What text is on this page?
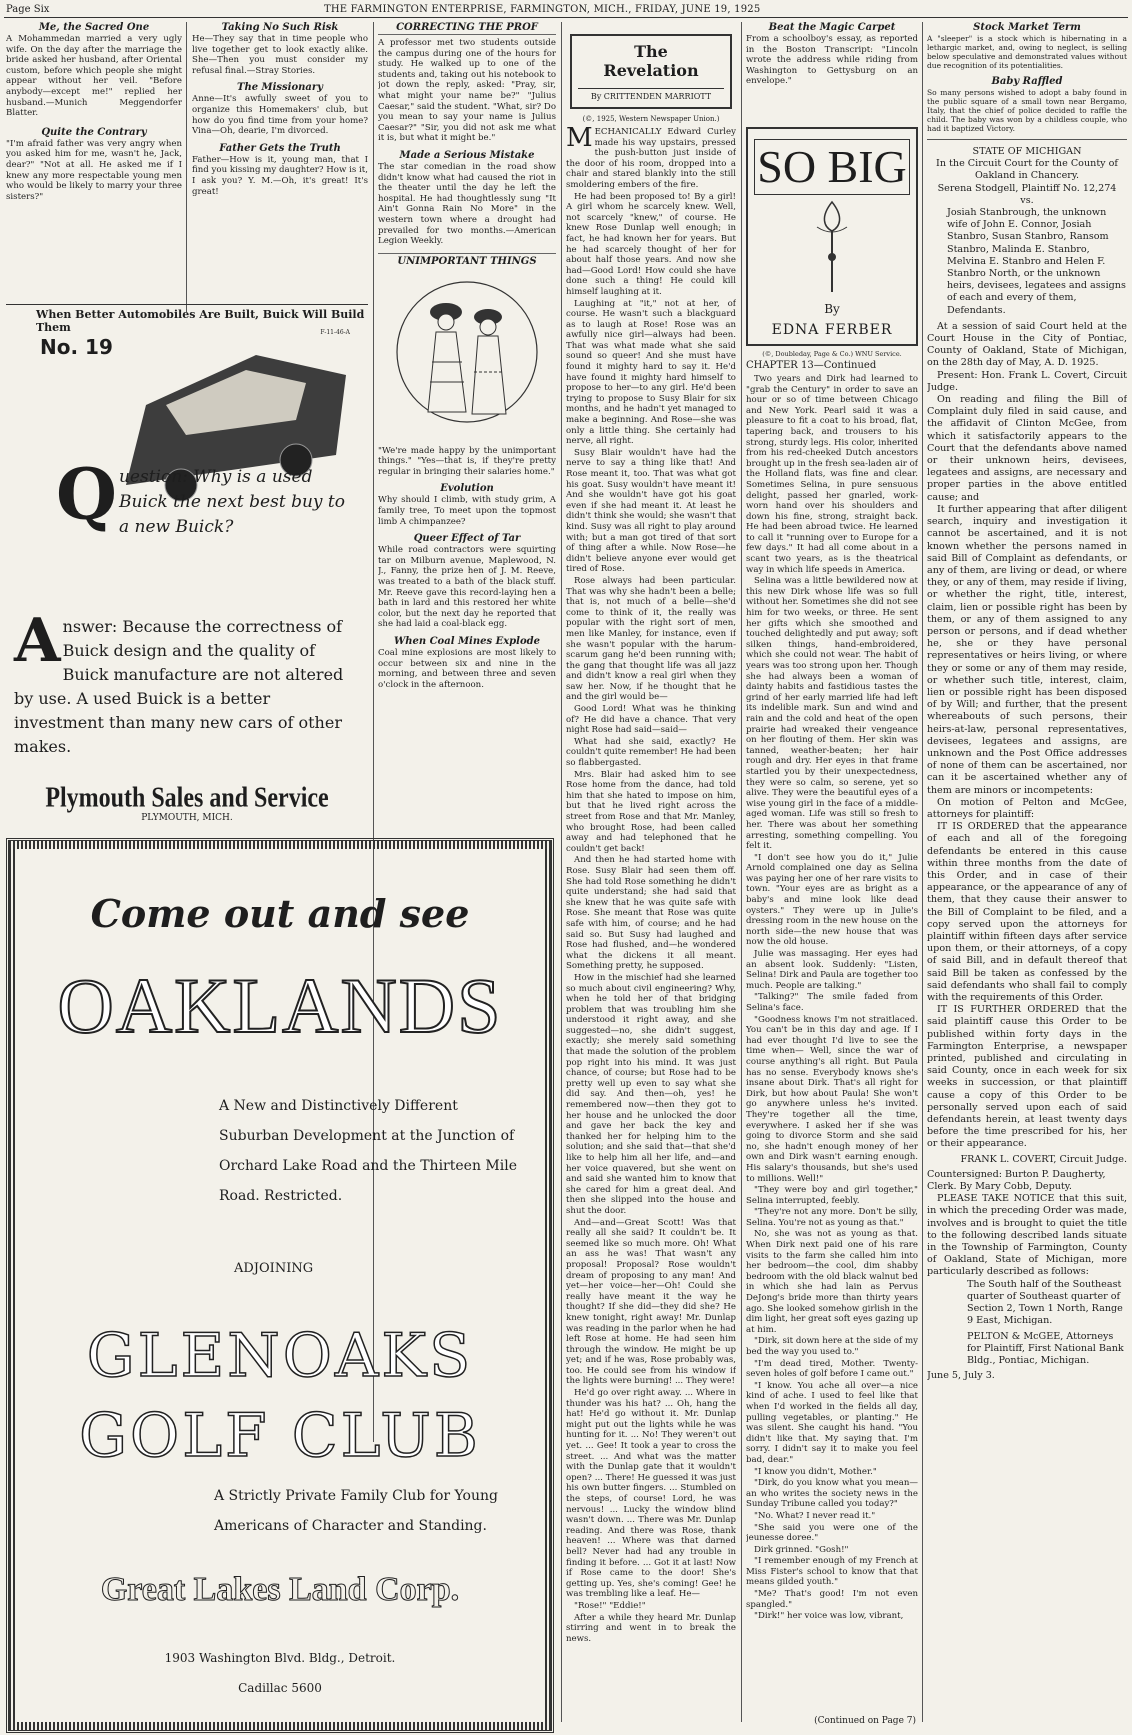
Page Six	THE FARMINGTON ENTERPRISE, FARMINGTON, MICH., FRIDAY, JUNE 19, 1925
Me, the Sacred One

A Mohammedan married a very ugly wife. On the day after the marriage the bride asked her husband, after Oriental custom, before which people she might appear without her veil. "Before anybody—except me!" replied her husband.—Munich Meggendorfer Blatter.

Quite the Contrary

"I'm afraid father was very angry when you asked him for me, wasn't he, Jack, dear?" "Not at all. He asked me if I knew any more respectable young men who would be likely to marry your three sisters?"

Taking No Such Risk

He—They say that in time people who live together get to look exactly alike. She—Then you must consider my refusal final.—Stray Stories.

The Missionary

Anne—It's awfully sweet of you to organize this Homemakers' club, but how do you find time from your home? Vina—Oh, dearie, I'm divorced.

Father Gets the Truth

Father—How is it, young man, that I find you kissing my daughter? How is it, I ask you? Y. M.—Oh, it's great! It's great!

CORRECTING THE PROF

A professor met two students outside the campus during one of the hours for study. He walked up to one of the students and, taking out his notebook to jot down the reply, asked: "Pray, sir, what might your name be?" "Julius Caesar," said the student. "What, sir? Do you mean to say your name is Julius Caesar?" "Sir, you did not ask me what it is, but what it might be."

Made a Serious Mistake

The star comedian in the road show didn't know what had caused the riot in the theater until the day he left the hospital. He had thoughtlessly sung "It Ain't Gonna Rain No More" in the western town where a drought had prevailed for two months.—American Legion Weekly.

UNIMPORTANT THINGS

"We're made happy by the unimportant things." "Yes—that is, if they're pretty regular in bringing their salaries home."

Evolution

Why should I climb, with study grim, A family tree, To meet upon the topmost limb A chimpanzee?

Queer Effect of Tar

While road contractors were squirting tar on Milburn avenue, Maplewood, N. J., Fanny, the prize hen of J. M. Reeve, was treated to a bath of the black stuff. Mr. Reeve gave this record-laying hen a bath in lard and this restored her white color, but the next day he reported that she had laid a coal-black egg.

When Coal Mines Explode

Coal mine explosions are most likely to occur between six and nine in the morning, and between three and seven o'clock in the afternoon.

When Better Automobiles Are Built, Buick Will Build Them
No. 19
F-11-46-A
Q uestion: Why is a used Buick the next best buy to a new Buick?
A nswer: Because the correctness of Buick design and the quality of Buick manufacture are not altered by use. A used Buick is a better investment than many new cars of other makes.
Plymouth Sales and Service
PLYMOUTH, MICH.
Come out and see
OAKLANDS
A New and Distinctively Different Suburban Development at the Junction of Orchard Lake Road and the Thirteen Mile Road. Restricted.
ADJOINING
GLENOAKS
GOLF CLUB
A Strictly Private Family Club for Young Americans of Character and Standing.
Great Lakes Land Corp.
1903 Washington Blvd. Bldg., Detroit.
Cadillac 5600
The
Revelation
By CRITTENDEN MARRIOTT
(©, 1925, Western Newspaper Union.)

MECHANICALLY Edward Curley made his way upstairs, pressed the push-button just inside of the door of his room, dropped into a chair and stared blankly into the still smoldering embers of the fire.

He had been proposed to! By a girl! A girl whom he scarcely knew. Well, not scarcely "knew," of course. He knew Rose Dunlap well enough; in fact, he had known her for years. But he had scarcely thought of her for about half those years. And now she had—Good Lord! How could she have done such a thing! He could kill himself laughing at it.

Laughing at "it," not at her, of course. He wasn't such a blackguard as to laugh at Rose! Rose was an awfully nice girl—always had been. That was what made what she said sound so queer! And she must have found it mighty hard to say it. He'd have found it mighty hard himself to propose to her—to any girl. He'd been trying to propose to Susy Blair for six months, and he hadn't yet managed to make a beginning. And Rose—she was only a little thing. She certainly had nerve, all right.

Susy Blair wouldn't have had the nerve to say a thing like that! And Rose meant it, too. That was what got his goat. Susy wouldn't have meant it! And she wouldn't have got his goat even if she had meant it. At least he didn't think she would; she wasn't that kind. Susy was all right to play around with; but a man got tired of that sort of thing after a while. Now Rose—he didn't believe anyone ever would get tired of Rose.

Rose always had been particular. That was why she hadn't been a belle; that is, not much of a belle—she'd come to think of it, the really was popular with the right sort of men, men like Manley, for instance, even if she wasn't popular with the harum-scarum gang he'd been running with; the gang that thought life was all jazz and didn't know a real girl when they saw her. Now, if he thought that he and the girl would be—

Good Lord! What was he thinking of? He did have a chance. That very night Rose had said—said—

What had she said, exactly? He couldn't quite remember! He had been so flabbergasted.

Mrs. Blair had asked him to see Rose home from the dance, had told him that she hated to impose on him, but that he lived right across the street from Rose and that Mr. Manley, who brought Rose, had been called away and had telephoned that he couldn't get back!

And then he had started home with Rose. Susy Blair had seen them off. She had told Rose something he didn't quite understand; she had said that she knew that he was quite safe with Rose. She meant that Rose was quite safe with him, of course; and he had said so. But Susy had laughed and Rose had flushed, and—he wondered what the dickens it all meant. Something pretty, he supposed.

How in the mischief had she learned so much about civil engineering? Why, when he told her of that bridging problem that was troubling him she understood it right away, and she suggested—no, she didn't suggest, exactly; she merely said something that made the solution of the problem pop right into his mind. It was just chance, of course; but Rose had to be pretty well up even to say what she did say. And then—oh, yes! he remembered now—then they got to her house and he unlocked the door and gave her back the key and thanked her for helping him to the solution; and she said that—that she'd like to help him all her life, and—and her voice quavered, but she went on and said she wanted him to know that she cared for him a great deal. And then she slipped into the house and shut the door.

And—and—Great Scott! Was that really all she said? It couldn't be. It seemed like so much more. Oh! What an ass he was! That wasn't any proposal! Proposal? Rose wouldn't dream of proposing to any man! And yet—her voice—her—Oh! Could she really have meant it the way he thought? If she did—they did she? He knew tonight, right away! Mr. Dunlap was reading in the parlor when he had left Rose at home. He had seen him through the window. He might be up yet; and if he was, Rose probably was, too. He could see from his window if the lights were burning! ... They were!

He'd go over right away. ... Where in thunder was his hat? ... Oh, hang the hat! He'd go without it. Mr. Dunlap might put out the lights while he was hunting for it. ... No! They weren't out yet. ... Gee! It took a year to cross the street. ... And what was the matter with the Dunlap gate that it wouldn't open? ... There! He guessed it was just his own butter fingers. ... Stumbled on the steps, of course! Lord, he was nervous! ... Lucky the window blind wasn't down. ... There was Mr. Dunlap reading. And there was Rose, thank heaven! ... Where was that darned bell? Never had had any trouble in finding it before. ... Got it at last! Now if Rose came to the door! She's getting up. Yes, she's coming! Gee! he was trembling like a leaf. He—

"Rose!" "Eddie!"

After a while they heard Mr. Dunlap stirring and went in to break the news.

Beat the Magic Carpet

From a schoolboy's essay, as reported in the Boston Transcript: "Lincoln wrote the address while riding from Washington to Gettysburg on an envelope."

SO BIG
By
EDNA FERBER
(©, Doubleday, Page & Co.) WNU Service.
CHAPTER 13—Continued

Two years and Dirk had learned to "grab the Century" in order to save an hour or so of time between Chicago and New York. Pearl said it was a pleasure to fit a coat to his broad, flat, tapering back, and trousers to his strong, sturdy legs. His color, inherited from his red-cheeked Dutch ancestors brought up in the fresh sea-laden air of the Holland flats, was fine and clear. Sometimes Selina, in pure sensuous delight, passed her gnarled, work-worn hand over his shoulders and down his fine, strong, straight back. He had been abroad twice. He learned to call it "running over to Europe for a few days." It had all come about in a scant two years, as is the theatrical way in which life speeds in America.

Selina was a little bewildered now at this new Dirk whose life was so full without her. Sometimes she did not see him for two weeks, or three. He sent her gifts which she smoothed and touched delightedly and put away; soft silken things, hand-embroidered, which she could not wear. The habit of years was too strong upon her. Though she had always been a woman of dainty habits and fastidious tastes the grind of her early married life had left its indelible mark. Sun and wind and rain and the cold and heat of the open prairie had wreaked their vengeance on her flouting of them. Her skin was tanned, weather-beaten; her hair rough and dry. Her eyes in that frame startled you by their unexpectedness, they were so calm, so serene, yet so alive. They were the beautiful eyes of a wise young girl in the face of a middle-aged woman. Life was still so fresh to her. There was about her something arresting, something compelling. You felt it.

"I don't see how you do it," Julie Arnold complained one day as Selina was paying her one of her rare visits to town. "Your eyes are as bright as a baby's and mine look like dead oysters." They were up in Julie's dressing room in the new house on the north side—the new house that was now the old house.

Julie was massaging. Her eyes had an absent look. Suddenly: "Listen, Selina! Dirk and Paula are together too much. People are talking."

"Talking?" The smile faded from Selina's face.

"Goodness knows I'm not straitlaced. You can't be in this day and age. If I had ever thought I'd live to see the time when— Well, since the war of course anything's all right. But Paula has no sense. Everybody knows she's insane about Dirk. That's all right for Dirk, but how about Paula! She won't go anywhere unless he's invited. They're together all the time, everywhere. I asked her if she was going to divorce Storm and she said no, she hadn't enough money of her own and Dirk wasn't earning enough. His salary's thousands, but she's used to millions. Well!"

"They were boy and girl together," Selina interrupted, feebly.

"They're not any more. Don't be silly, Selina. You're not as young as that."

No, she was not as young as that. When Dirk next paid one of his rare visits to the farm she called him into her bedroom—the cool, dim shabby bedroom with the old black walnut bed in which she had lain as Pervus DeJong's bride more than thirty years ago. She looked somehow girlish in the dim light, her great soft eyes gazing up at him.

"Dirk, sit down here at the side of my bed the way you used to."

"I'm dead tired, Mother. Twenty-seven holes of golf before I came out."

"I know. You ache all over—a nice kind of ache. I used to feel like that when I'd worked in the fields all day, pulling vegetables, or planting." He was silent. She caught his hand. "You didn't like that. My saying that. I'm sorry. I didn't say it to make you feel bad, dear."

"I know you didn't, Mother."

"Dirk, do you know what you mean—an who writes the society news in the Sunday Tribune called you today?"

"No. What? I never read it."

"She said you were one of the jeunesse doree."

Dirk grinned. "Gosh!"

"I remember enough of my French at Miss Fister's school to know that that means gilded youth."

"Me? That's good! I'm not even spangled."

"Dirk!" her voice was low, vibrant,

(Continued on Page 7)
Stock Market Term

A "sleeper" is a stock which is hibernating in a lethargic market, and, owing to neglect, is selling below speculative and demonstrated values without due recognition of its potentialities.

Baby Raffled

So many persons wished to adopt a baby found in the public square of a small town near Bergamo, Italy, that the chief of police decided to raffle the child. The baby was won by a childless couple, who had it baptized Victory.

STATE OF MICHIGAN
In the Circuit Court for the County of Oakland in Chancery.
Serena Stodgell, Plaintiff No. 12,274
vs.
Josiah Stanbrough, the unknown wife of John E. Connor, Josiah Stanbro, Susan Stanbro, Ransom Stanbro, Malinda E. Stanbro, Melvina E. Stanbro and Helen F. Stanbro North, or the unknown heirs, devisees, legatees and assigns of each and every of them, Defendants.

At a session of said Court held at the Court House in the City of Pontiac, County of Oakland, State of Michigan, on the 28th day of May, A. D. 1925.

Present: Hon. Frank L. Covert, Circuit Judge.

On reading and filing the Bill of Complaint duly filed in said cause, and the affidavit of Clinton McGee, from which it satisfactorily appears to the Court that the defendants above named or their unknown heirs, devisees, legatees and assigns, are necessary and proper parties in the above entitled cause; and

It further appearing that after diligent search, inquiry and investigation it cannot be ascertained, and it is not known whether the persons named in said Bill of Complaint as defendants, or any of them, are living or dead, or where they, or any of them, may reside if living, or whether the right, title, interest, claim, lien or possible right has been by them, or any of them assigned to any person or persons, and if dead whether he, she or they have personal representatives or heirs living, or where they or some or any of them may reside, or whether such title, interest, claim, lien or possible right has been disposed of by Will; and further, that the present whereabouts of such persons, their heirs-at-law, personal representatives, devisees, legatees and assigns, are unknown and the Post Office addresses of none of them can be ascertained, nor can it be ascertained whether any of them are minors or incompetents:

On motion of Pelton and McGee, attorneys for plaintiff:

IT IS ORDERED that the appearance of each and all of the foregoing defendants be entered in this cause within three months from the date of this Order, and in case of their appearance, or the appearance of any of them, that they cause their answer to the Bill of Complaint to be filed, and a copy served upon the attorneys for plaintiff within fifteen days after service upon them, or their attorneys, of a copy of said Bill, and in default thereof that said Bill be taken as confessed by the said defendants who shall fail to comply with the requirements of this Order.

IT IS FURTHER ORDERED that the said plaintiff cause this Order to be published within forty days in the Farmington Enterprise, a newspaper printed, published and circulating in said County, once in each week for six weeks in succession, or that plaintiff cause a copy of this Order to be personally served upon each of said defendants herein, at least twenty days before the time prescribed for his, her or their appearance.

FRANK L. COVERT, Circuit Judge.
Countersigned: Burton P. Daugherty, Clerk. By Mary Cobb, Deputy.

PLEASE TAKE NOTICE that this suit, in which the preceding Order was made, involves and is brought to quiet the title to the following described lands situate in the Township of Farmington, County of Oakland, State of Michigan, more particularly described as follows:

The South half of the Southeast quarter of Southeast quarter of Section 2, Town 1 North, Range 9 East, Michigan.
PELTON & McGEE, Attorneys for Plaintiff, First National Bank Bldg., Pontiac, Michigan.
June 5, July 3.
